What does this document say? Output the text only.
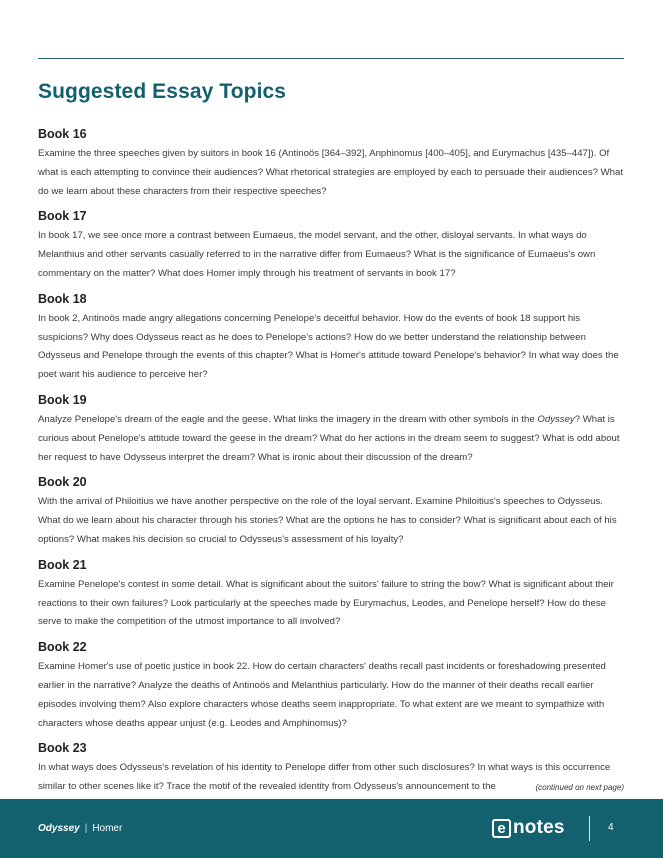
Suggested Essay Topics
Book 16

Examine the three speeches given by suitors in book 16 (Antinoös [364–392], Anphinomus [400–405], and Eurymachus [435–447]). Of what is each attempting to convince their audiences? What rhetorical strategies are employed by each to persuade their audiences? What do we learn about these characters from their respective speeches?

Book 17

In book 17, we see once more a contrast between Eumaeus, the model servant, and the other, disloyal servants. In what ways do Melanthius and other servants casually referred to in the narrative differ from Eumaeus? What is the significance of Eumaeus's own commentary on the matter? What does Homer imply through his treatment of servants in book 17?

Book 18

In book 2, Antinoös made angry allegations concerning Penelope's deceitful behavior. How do the events of book 18 support his suspicions? Why does Odysseus react as he does to Penelope's actions? How do we better understand the relationship between Odysseus and Penelope through the events of this chapter? What is Homer's attitude toward Penelope's behavior? In what way does the poet want his audience to perceive her?

Book 19

Analyze Penelope's dream of the eagle and the geese. What links the imagery in the dream with other symbols in the Odyssey? What is curious about Penelope's attitude toward the geese in the dream? What do her actions in the dream seem to suggest? What is odd about her request to have Odysseus interpret the dream? What is ironic about their discussion of the dream?

Book 20

With the arrival of Philoitius we have another perspective on the role of the loyal servant. Examine Philoitius's speeches to Odysseus. What do we learn about his character through his stories? What are the options he has to consider? What is significant about each of his options? What makes his decision so crucial to Odysseus's assessment of his loyalty?

Book 21

Examine Penelope's contest in some detail. What is significant about the suitors' failure to string the bow? What is significant about their reactions to their own failures? Look particularly at the speeches made by Eurymachus, Leodes, and Penelope herself? How do these serve to make the competition of the utmost importance to all involved?

Book 22

Examine Homer's use of poetic justice in book 22. How do certain characters' deaths recall past incidents or foreshadowing presented earlier in the narrative? Analyze the deaths of Antinoös and Melanthius particularly. How do the manner of their deaths recall earlier episodes involving them? Also explore characters whose deaths seem inappropriate. To what extent are we meant to sympathize with characters whose deaths appear unjust (e.g. Leodes and Amphinomus)?

Book 23

In what ways does Odysseus's revelation of his identity to Penelope differ from other such disclosures? In what ways is this occurrence similar to other scenes like it? Trace the motif of the revealed identity from Odysseus's announcement to the	(continued on next page)
Odyssey | Homer	e notes	4
